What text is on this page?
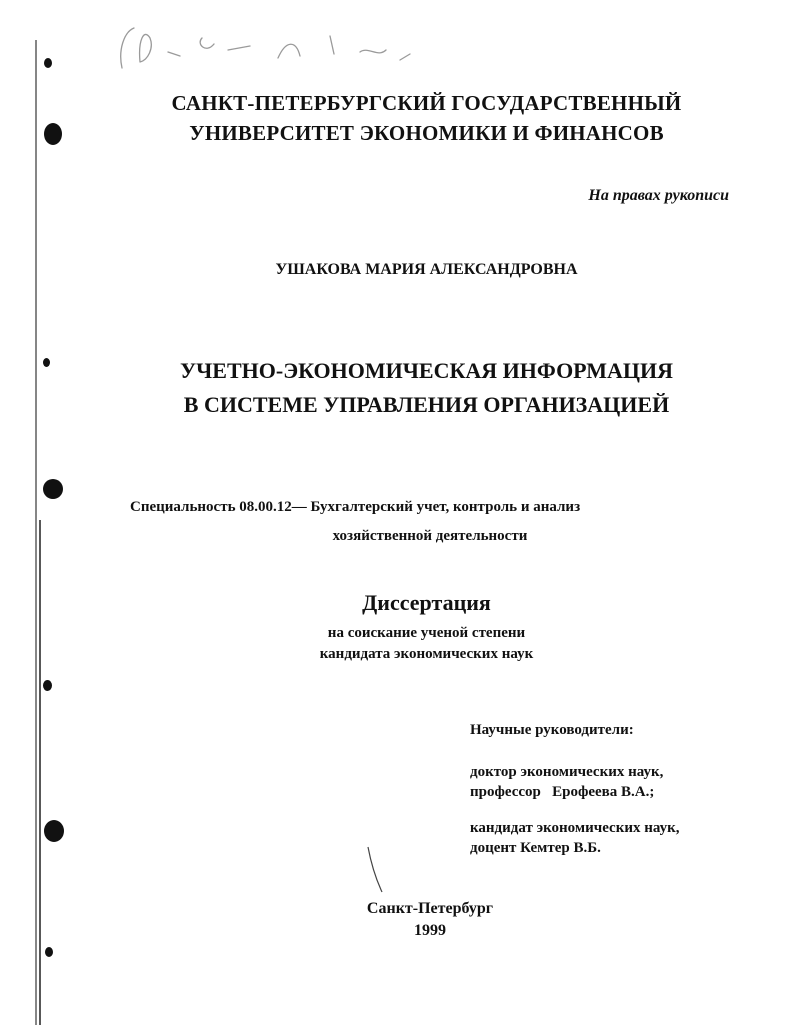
САНКТ-ПЕТЕРБУРГСКИЙ ГОСУДАРСТВЕННЫЙ
УНИВЕРСИТЕТ ЭКОНОМИКИ И ФИНАНСОВ
На правах рукописи
УШАКОВА МАРИЯ АЛЕКСАНДРОВНА
УЧЕТНО-ЭКОНОМИЧЕСКАЯ ИНФОРМАЦИЯ
В СИСТЕМЕ УПРАВЛЕНИЯ ОРГАНИЗАЦИЕЙ
Специальность 08.00.12— Бухгалтерский учет, контроль и анализ
хозяйственной деятельности
Диссертация
на соискание ученой степени
кандидата экономических наук
Научные руководители:
доктор экономических наук,
профессор   Ерофеева В.А.;
кандидат экономических наук,
доцент Кемтер В.Б.
Санкт-Петербург
1999
